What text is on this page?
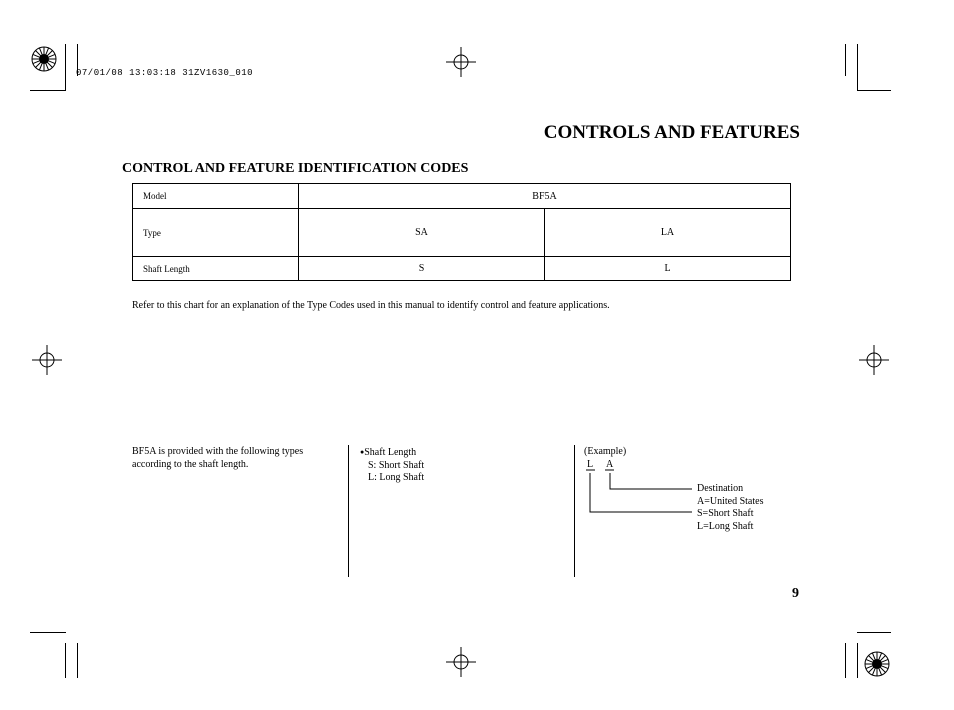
07/01/08 13:03:18 31ZV1630_010
CONTROLS AND FEATURES
CONTROL AND FEATURE IDENTIFICATION CODES
Model	BF5A	
Type	SA	LA
Shaft Length	S	L
Refer to this chart for an explanation of the Type Codes used in this manual to identify control and feature applications.
BF5A is provided with the following types
according to the shaft length.
●Shaft Length
S: Short Shaft
L: Long Shaft
(Example)
L A
Destination
A=United States
S=Short Shaft
L=Long Shaft
9
